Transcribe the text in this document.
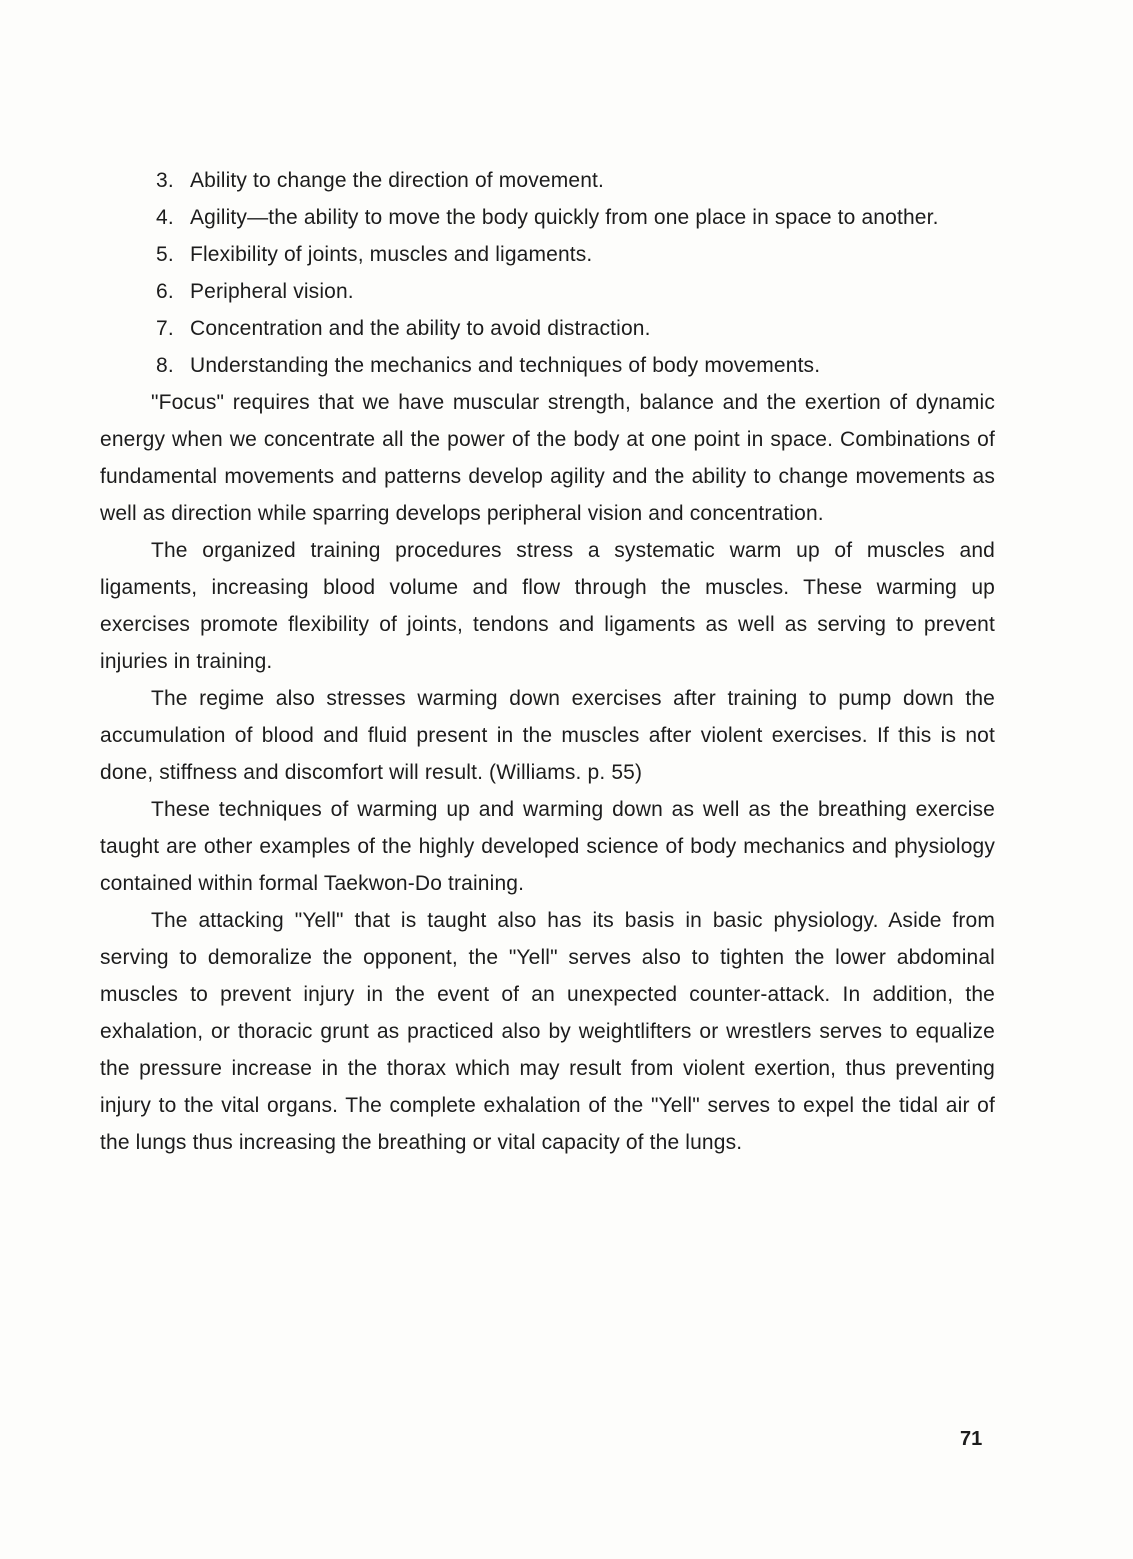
3. Ability to change the direction of movement.
4. Agility—the ability to move the body quickly from one place in space to another.
5. Flexibility of joints, muscles and ligaments.
6. Peripheral vision.
7. Concentration and the ability to avoid distraction.
8. Understanding the mechanics and techniques of body movements.

"Focus" requires that we have muscular strength, balance and the exertion of dynamic energy when we concentrate all the power of the body at one point in space. Combinations of fundamental movements and patterns develop agility and the ability to change movements as well as direction while sparring develops peripheral vision and concentration.

The organized training procedures stress a systematic warm up of muscles and ligaments, increasing blood volume and flow through the muscles. These warming up exercises promote flexibility of joints, tendons and ligaments as well as serving to prevent injuries in training.

The regime also stresses warming down exercises after training to pump down the accumulation of blood and fluid present in the muscles after violent exercises. If this is not done, stiffness and discomfort will result. (Williams. p. 55)

These techniques of warming up and warming down as well as the breathing exercise taught are other examples of the highly developed science of body mechanics and physiology contained within formal Taekwon-Do training.

The attacking "Yell" that is taught also has its basis in basic physiology. Aside from serving to demoralize the opponent, the "Yell" serves also to tighten the lower abdominal muscles to prevent injury in the event of an unexpected counter-attack. In addition, the exhalation, or thoracic grunt as practiced also by weightlifters or wrestlers serves to equalize the pressure increase in the thorax which may result from violent exertion, thus preventing injury to the vital organs. The complete exhalation of the "Yell" serves to expel the tidal air of the lungs thus increasing the breathing or vital capacity of the lungs.

71
